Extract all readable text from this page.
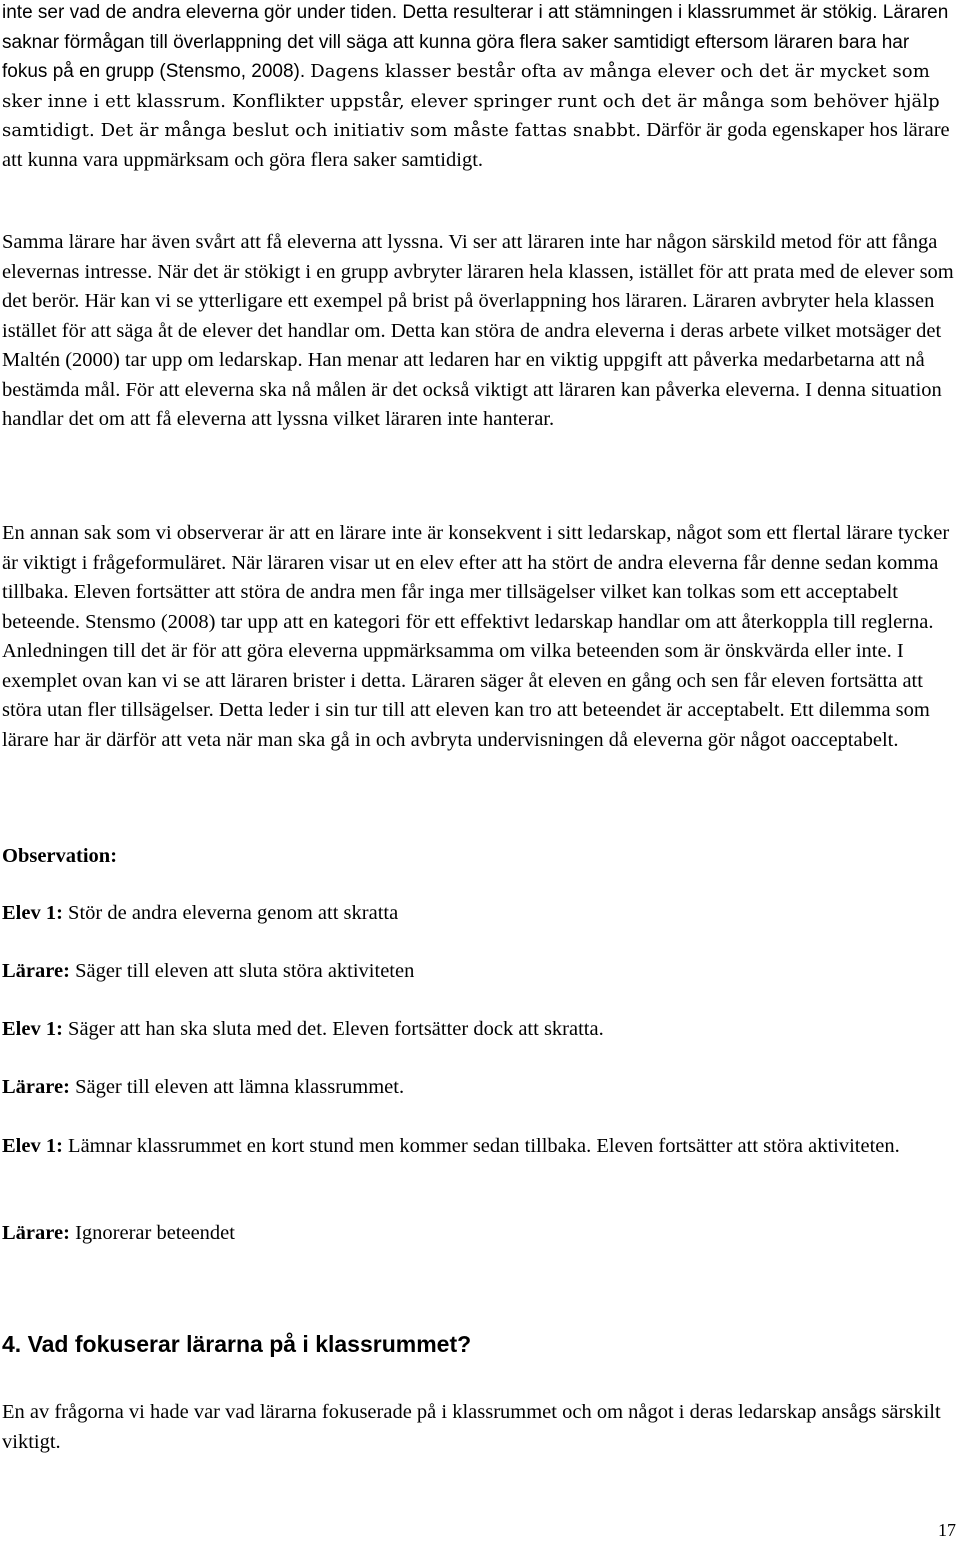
inte ser vad de andra eleverna gör under tiden. Detta resulterar i att stämningen i klassrummet är stökig. Läraren saknar förmågan till överlappning det vill säga att kunna göra flera saker samtidigt eftersom läraren bara har fokus på en grupp (Stensmo, 2008). Dagens klasser består ofta av många elever och det är mycket som sker inne i ett klassrum. Konflikter uppstår, elever springer runt och det är många som behöver hjälp samtidigt. Det är många beslut och initiativ som måste fattas snabbt. Därför är goda egenskaper hos lärare att kunna vara uppmärksam och göra flera saker samtidigt.

Samma lärare har även svårt att få eleverna att lyssna. Vi ser att läraren inte har någon särskild metod för att fånga elevernas intresse. När det är stökigt i en grupp avbryter läraren hela klassen, istället för att prata med de elever som det berör. Här kan vi se ytterligare ett exempel på brist på överlappning hos läraren. Läraren avbryter hela klassen istället för att säga åt de elever det handlar om. Detta kan störa de andra eleverna i deras arbete vilket motsäger det Maltén (2000) tar upp om ledarskap. Han menar att ledaren har en viktig uppgift att påverka medarbetarna att nå bestämda mål. För att eleverna ska nå målen är det också viktigt att läraren kan påverka eleverna. I denna situation handlar det om att få eleverna att lyssna vilket läraren inte hanterar.

En annan sak som vi observerar är att en lärare inte är konsekvent i sitt ledarskap, något som ett flertal lärare tycker är viktigt i frågeformuläret. När läraren visar ut en elev efter att ha stört de andra eleverna får denne sedan komma tillbaka. Eleven fortsätter att störa de andra men får inga mer tillsägelser vilket kan tolkas som ett acceptabelt beteende. Stensmo (2008) tar upp att en kategori för ett effektivt ledarskap handlar om att återkoppla till reglerna. Anledningen till det är för att göra eleverna uppmärksamma om vilka beteenden som är önskvärda eller inte. I exemplet ovan kan vi se att läraren brister i detta. Läraren säger åt eleven en gång och sen får eleven fortsätta att störa utan fler tillsägelser. Detta leder i sin tur till att eleven kan tro att beteendet är acceptabelt. Ett dilemma som lärare har är därför att veta när man ska gå in och avbryta undervisningen då eleverna gör något oacceptabelt.

Observation:

Elev 1: Stör de andra eleverna genom att skratta

Lärare: Säger till eleven att sluta störa aktiviteten

Elev 1: Säger att han ska sluta med det. Eleven fortsätter dock att skratta.

Lärare: Säger till eleven att lämna klassrummet.

Elev 1: Lämnar klassrummet en kort stund men kommer sedan tillbaka. Eleven fortsätter att störa aktiviteten.

Lärare: Ignorerar beteendet

4. Vad fokuserar lärarna på i klassrummet?

En av frågorna vi hade var vad lärarna fokuserade på i klassrummet och om något i deras ledarskap ansågs särskilt viktigt.

17
